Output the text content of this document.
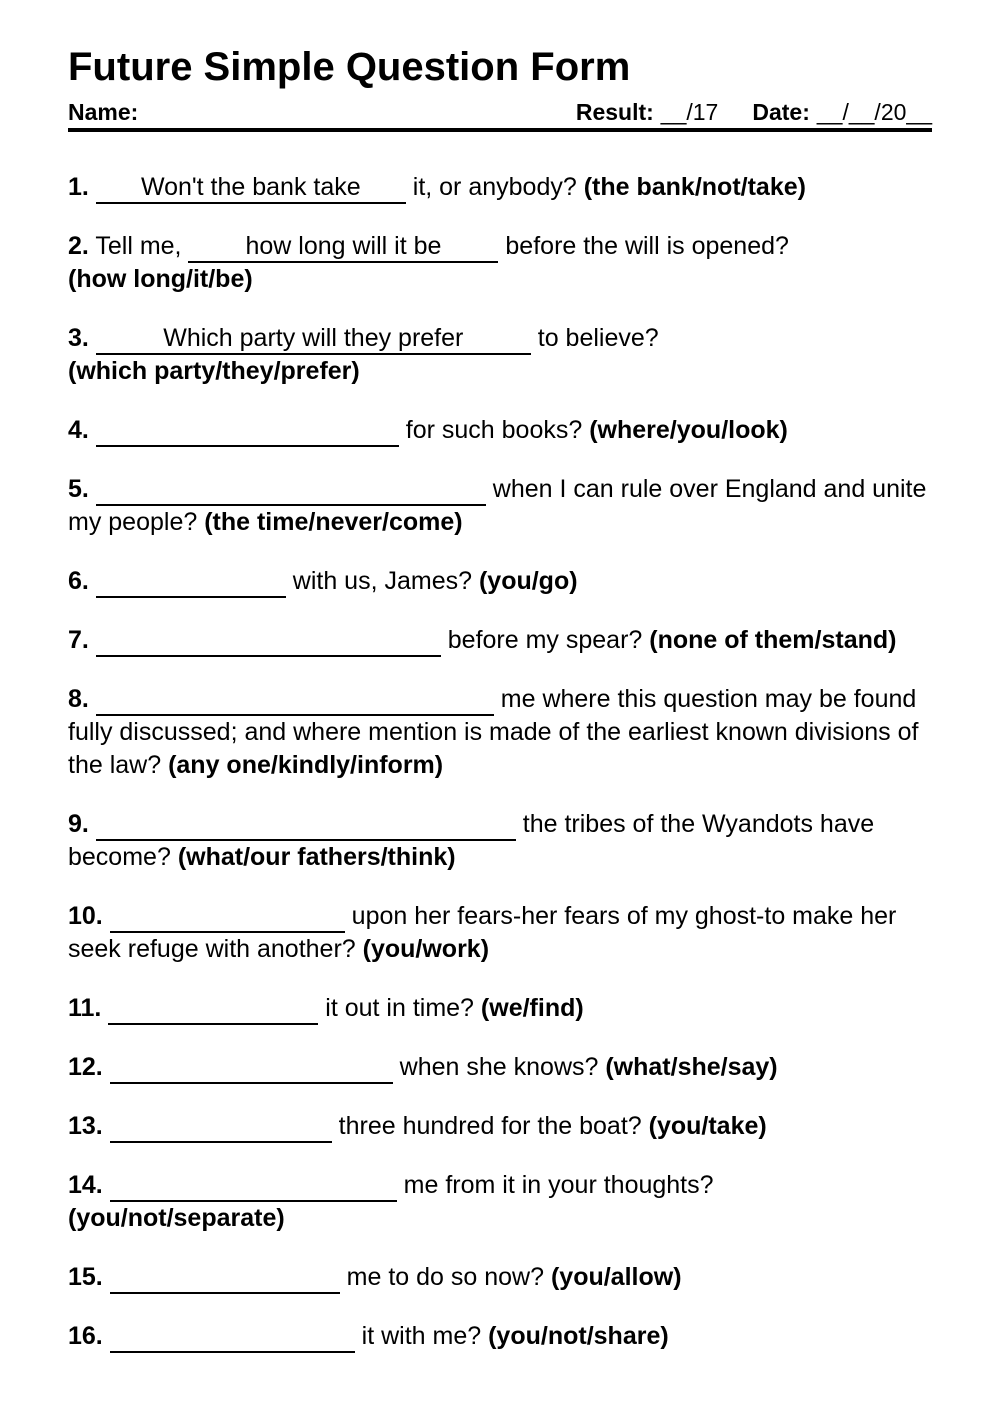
Future Simple Question Form
Name:	Result: __/17 Date: __/__/20__

1. Won't the bank take it, or anybody? (the bank/not/take)

2. Tell me,	how long will it be	before the will is opened?
(how long/it/be)

3.	Which party will they prefer	to believe?
(which party/they/prefer)

4.	for such books? (where/you/look)

5.	when I can rule over England and unite my people? (the time/never/come)

6.	with us, James? (you/go)

7.	before my spear? (none of them/stand)

8.	me where this question may be found fully discussed; and where mention is made of the earliest known divisions of the law? (any one/kindly/inform)

9.	the tribes of the Wyandots have become? (what/our fathers/think)

10.	upon her fears-her fears of my ghost-to make her seek refuge with another? (you/work)

11.	it out in time? (we/find)

12.	when she knows? (what/she/say)

13.	three hundred for the boat? (you/take)

14.	me from it in your thoughts?
(you/not/separate)

15.	me to do so now? (you/allow)

16.	it with me? (you/not/share)
